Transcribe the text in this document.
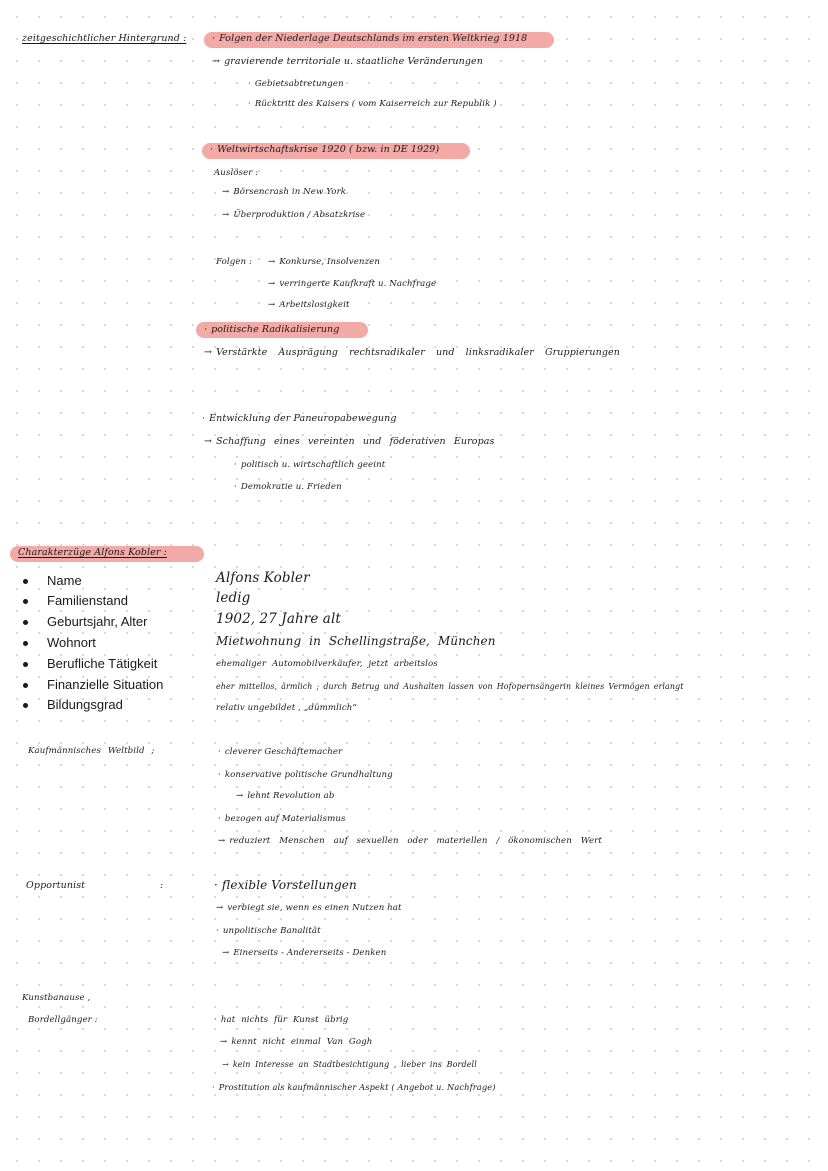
zeitgeschichtlicher Hintergrund :	· Folgen der Niederlage Deutschlands im ersten Weltkrieg 1918
→ gravierende territoriale u. staatliche Veränderungen
· Gebietsabtretungen
· Rücktritt des Kaisers ( vom Kaiserreich zur Republik )
· Weltwirtschaftskrise 1920 ( bzw. in DE 1929)
Auslöser :
→ Börsencrash in New York
→ Überproduktion / Absatzkrise
Folgen : → Konkurse, Insolvenzen
→ verringerte Kaufkraft u. Nachfrage
→ Arbeitslosigkeit
· politische Radikalisierung
→ Verstärkte Ausprägung rechtsradikaler und linksradikaler Gruppierungen
· Entwicklung der Paneuropabewegung
→ Schaffung eines vereinten und föderativen Europas
· politisch u. wirtschaftlich geeint
· Demokratie u. Frieden
Charakterzüge Alfons Kobler :
Name	Alfons Kobler
Familienstand	ledig
Geburtsjahr, Alter	1902, 27 Jahre alt
Wohnort	Mietwohnung in Schellingstraße, München
Berufliche Tätigkeit	ehemaliger Automobilverkäufer, jetzt arbeitslos
Finanzielle Situation	eher mittellos, ärmlich ; durch Betrug und Aushalten lassen von Hofopernsängerin kleines Vermögen erlangt
Bildungsgrad	relativ ungebildet , „dümmlich“
Kaufmännisches Weltbild ;	· cleverer Geschäftemacher
· konservative politische Grundhaltung
→ lehnt Revolution ab
· bezogen auf Materialismus
→ reduziert Menschen auf sexuellen oder materiellen / ökonomischen Wert
Opportunist	:	· flexible Vorstellungen
→ verbiegt sie, wenn es einen Nutzen hat
· unpolitische Banalität
→ Einerseits - Andererseits - Denken
Kunstbanause ,
Bordellgänger :	· hat nichts für Kunst übrig
→ kennt nicht einmal Van Gogh
→ kein Interesse an Stadtbesichtigung , lieber ins Bordell
· Prostitution als kaufmännischer Aspekt ( Angebot u. Nachfrage)
